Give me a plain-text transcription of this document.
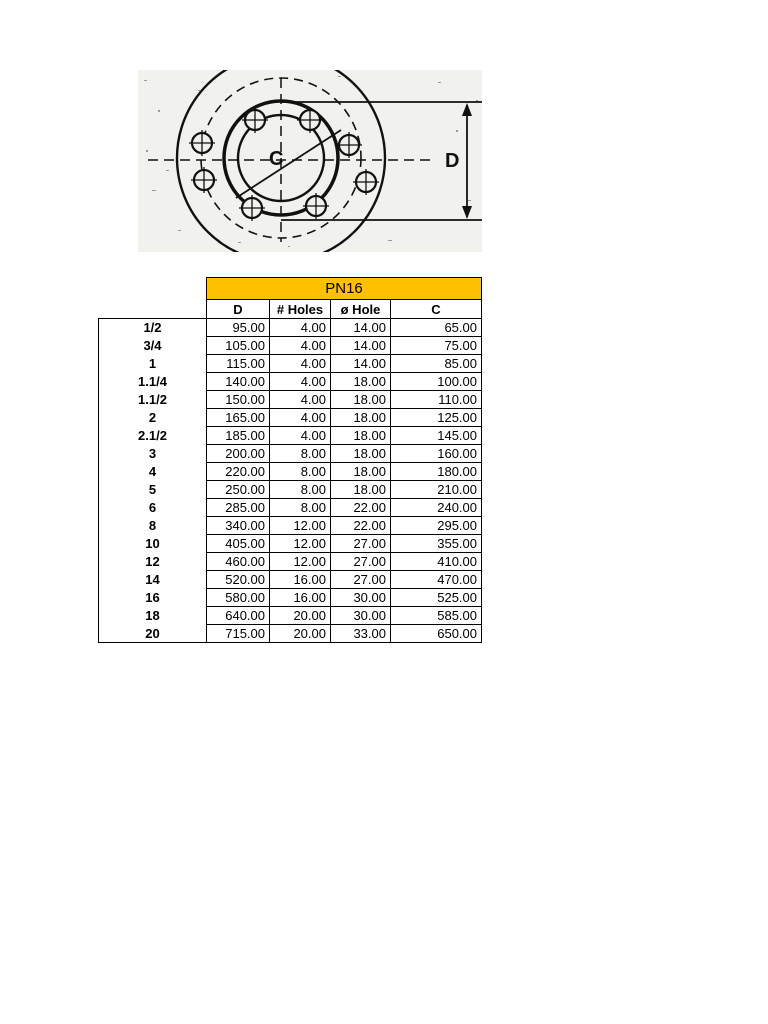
C	D
	PN16			
	D	# Holes	ø Hole	C
1/2	95.00	4.00	14.00	65.00
3/4	105.00	4.00	14.00	75.00
1	115.00	4.00	14.00	85.00
1.1/4	140.00	4.00	18.00	100.00
1.1/2	150.00	4.00	18.00	110.00
2	165.00	4.00	18.00	125.00
2.1/2	185.00	4.00	18.00	145.00
3	200.00	8.00	18.00	160.00
4	220.00	8.00	18.00	180.00
5	250.00	8.00	18.00	210.00
6	285.00	8.00	22.00	240.00
8	340.00	12.00	22.00	295.00
10	405.00	12.00	27.00	355.00
12	460.00	12.00	27.00	410.00
14	520.00	16.00	27.00	470.00
16	580.00	16.00	30.00	525.00
18	640.00	20.00	30.00	585.00
20	715.00	20.00	33.00	650.00
